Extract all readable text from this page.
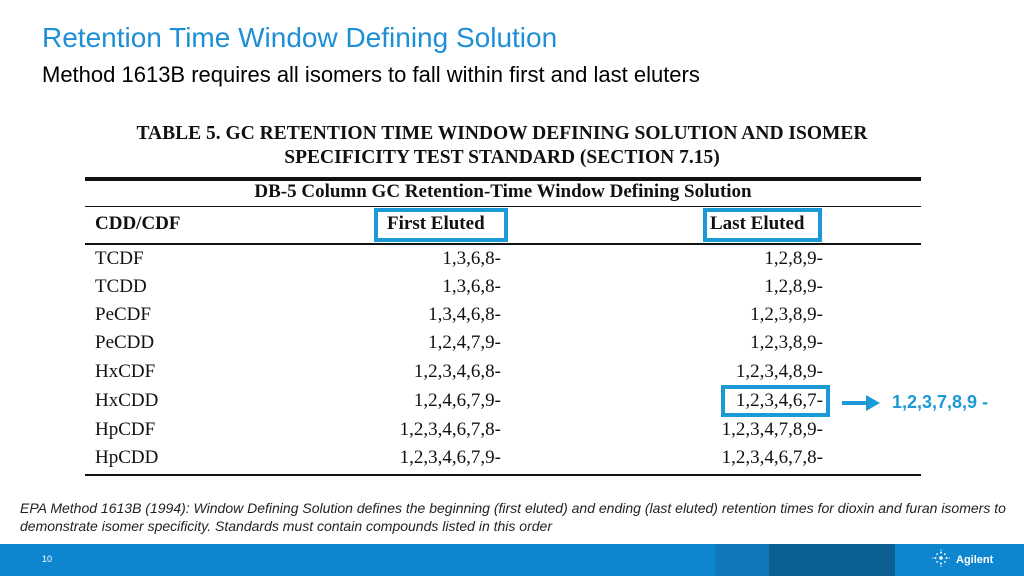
Retention Time Window Defining Solution
Method 1613B requires all isomers to fall within first and last eluters
TABLE 5. GC RETENTION TIME WINDOW DEFINING SOLUTION AND ISOMER
SPECIFICITY TEST STANDARD (SECTION 7.15)
DB-5 Column GC Retention-Time Window Defining Solution
CDD/CDF	First Eluted	Last Eluted
TCDF	1,3,6,8-	1,2,8,9-
TCDD	1,3,6,8-	1,2,8,9-
PeCDF	1,3,4,6,8-	1,2,3,8,9-
PeCDD	1,2,4,7,9-	1,2,3,8,9-
HxCDF	1,2,3,4,6,8-	1,2,3,4,8,9-
HxCDD	1,2,4,6,7,9-	1,2,3,4,6,7-
HpCDF	1,2,3,4,6,7,8-	1,2,3,4,7,8,9-
HpCDD	1,2,3,4,6,7,9-	1,2,3,4,6,7,8-
1,2,3,7,8,9 -
EPA Method 1613B (1994): Window Defining Solution defines the beginning (first eluted) and ending (last eluted) retention times for dioxin and furan isomers to demonstrate isomer specificity. Standards must contain compounds listed in this order
10	Agilent
